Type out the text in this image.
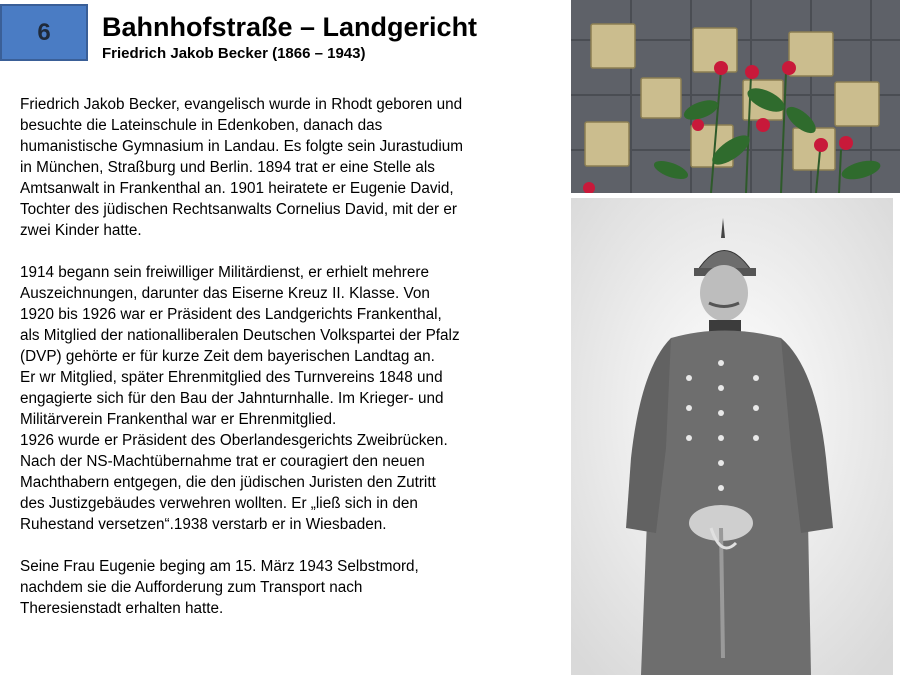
6 Bahnhofstraße – Landgericht
Friedrich Jakob Becker (1866 – 1943)

Friedrich Jakob Becker, evangelisch wurde in Rhodt geboren und
besuchte die Lateinschule in Edenkoben, danach das
humanistische Gymnasium in Landau. Es folgte sein Jurastudium
in München, Straßburg und Berlin. 1894 trat er eine Stelle als
Amtsanwalt in Frankenthal an. 1901 heiratete er Eugenie David,
Tochter des jüdischen Rechtsanwalts Cornelius David, mit der er
zwei Kinder hatte.

1914 begann sein freiwilliger Militärdienst, er erhielt mehrere
Auszeichnungen, darunter das Eiserne Kreuz II. Klasse. Von
1920 bis 1926 war er Präsident des Landgerichts Frankenthal,
als Mitglied der nationalliberalen Deutschen Volkspartei der Pfalz
(DVP) gehörte er für kurze Zeit dem bayerischen Landtag an.
Er wr Mitglied, später Ehrenmitglied des Turnvereins 1848 und
engagierte sich für den Bau der Jahnturnhalle. Im Krieger- und
Militärverein Frankenthal war er Ehrenmitglied.
1926 wurde er Präsident des Oberlandesgerichts Zweibrücken.
Nach der NS-Machtübernahme trat er couragiert den neuen
Machthabern entgegen, die den jüdischen Juristen den Zutritt
des Justizgebäudes verwehren wollten. Er „ließ sich in den
Ruhestand versetzen“.1938 verstarb er in Wiesbaden.

Seine Frau Eugenie beging am 15. März 1943 Selbstmord,
nachdem sie die Aufforderung zum Transport nach
Theresienstadt erhalten hatte.
